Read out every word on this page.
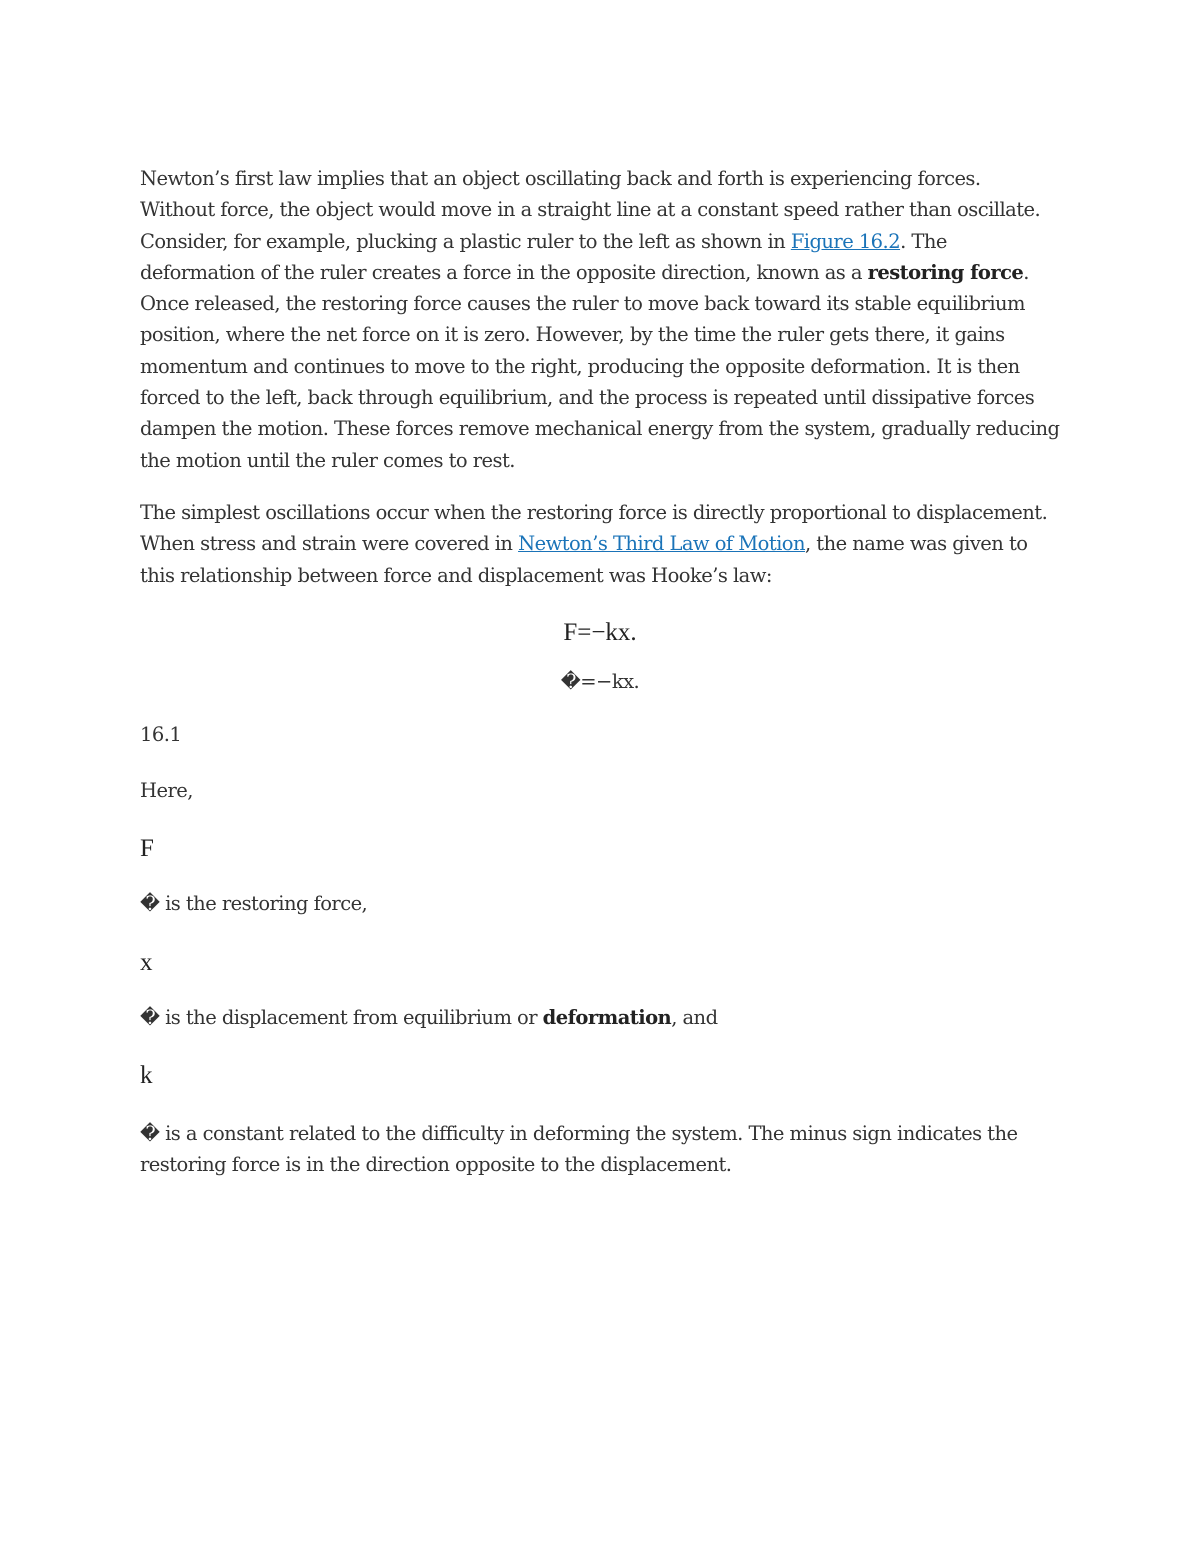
Newton’s first law implies that an object oscillating back and forth is experiencing forces. Without force, the object would move in a straight line at a constant speed rather than oscillate. Consider, for example, plucking a plastic ruler to the left as shown in Figure 16.2. The deformation of the ruler creates a force in the opposite direction, known as a restoring force. Once released, the restoring force causes the ruler to move back toward its stable equilibrium position, where the net force on it is zero. However, by the time the ruler gets there, it gains momentum and continues to move to the right, producing the opposite deformation. It is then forced to the left, back through equilibrium, and the process is repeated until dissipative forces dampen the motion. These forces remove mechanical energy from the system, gradually reducing the motion until the ruler comes to rest.

The simplest oscillations occur when the restoring force is directly proportional to displacement. When stress and strain were covered in Newton’s Third Law of Motion, the name was given to this relationship between force and displacement was Hooke’s law:

F=−kx.

�=−kx.

16.1

Here,

F

� is the restoring force,

x

� is the displacement from equilibrium or deformation, and

k

� is a constant related to the difficulty in deforming the system. The minus sign indicates the restoring force is in the direction opposite to the displacement.
